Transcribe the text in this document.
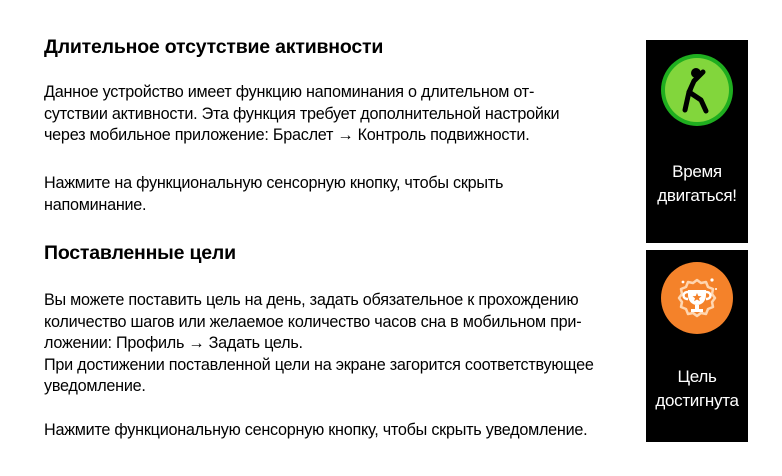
Длительное отсутствие активности

Данное устройство имеет функцию напоминания о длительном от-
сутствии активности. Эта функция требует дополнительной настройки
через мобильное приложение: Браслет → Контроль подвижности.

Нажмите на функциональную сенсорную кнопку, чтобы скрыть
напоминание.

Поставленные цели

Вы можете поставить цель на день, задать обязательное к прохождению
количество шагов или желаемое количество часов сна в мобильном при-
ложении: Профиль → Задать цель.
При достижении поставленной цели на экране загорится соответствующее
уведомление.

Нажмите функциональную сенсорную кнопку, чтобы скрыть уведомление.

Время
двигаться!
Цель
достигнута
